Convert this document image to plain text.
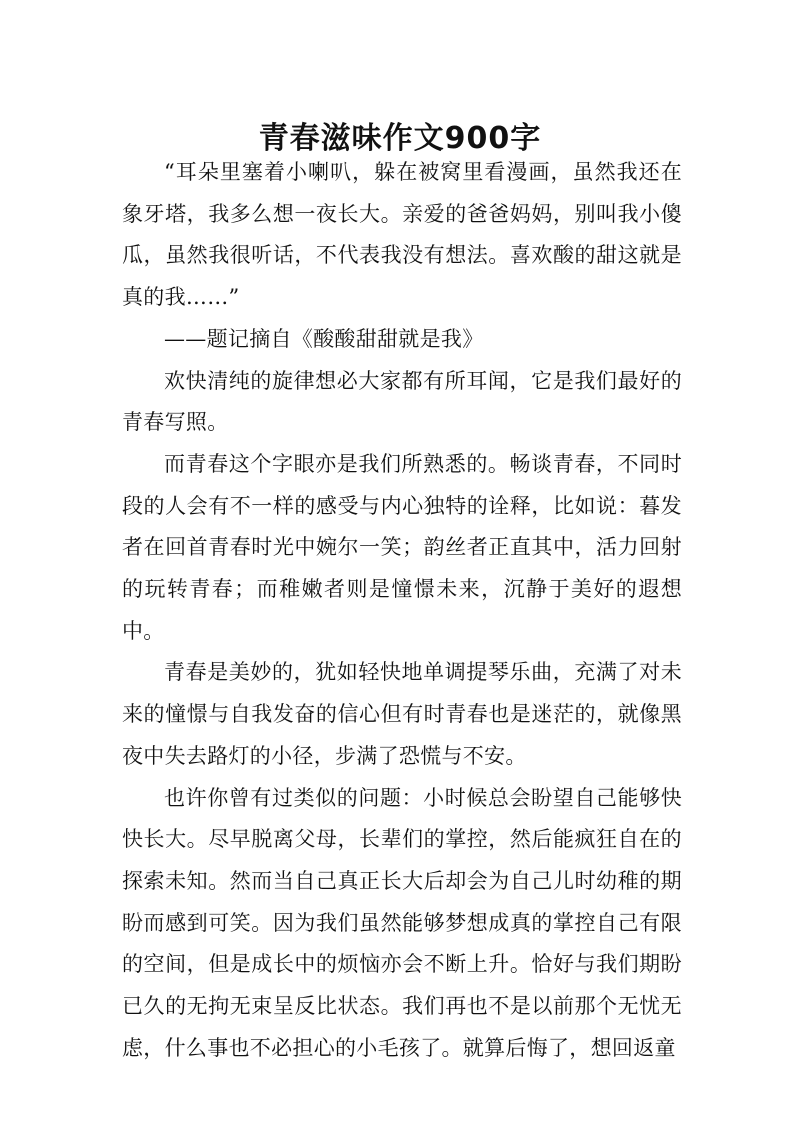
青春滋味作文900字

“耳朵里塞着小喇叭，躲在被窝里看漫画，虽然我还在象牙塔，我多么想一夜长大。亲爱的爸爸妈妈，别叫我小傻瓜，虽然我很听话，不代表我没有想法。喜欢酸的甜这就是真的我……”

——题记摘自《酸酸甜甜就是我》

欢快清纯的旋律想必大家都有所耳闻，它是我们最好的青春写照。

而青春这个字眼亦是我们所熟悉的。畅谈青春，不同时段的人会有不一样的感受与内心独特的诠释，比如说：暮发者在回首青春时光中婉尔一笑；韵丝者正直其中，活力回射的玩转青春；而稚嫩者则是憧憬未来，沉静于美好的遐想中。

青春是美妙的，犹如轻快地单调提琴乐曲，充满了对未来的憧憬与自我发奋的信心但有时青春也是迷茫的，就像黑夜中失去路灯的小径，步满了恐慌与不安。

也许你曾有过类似的问题：小时候总会盼望自己能够快快长大。尽早脱离父母，长辈们的掌控，然后能疯狂自在的探索未知。然而当自己真正长大后却会为自己儿时幼稚的期盼而感到可笑。因为我们虽然能够梦想成真的掌控自己有限的空间，但是成长中的烦恼亦会不断上升。恰好与我们期盼已久的无拘无束呈反比状态。我们再也不是以前那个无忧无虑，什么事也不必担心的小毛孩了。就算后悔了，想回返童
